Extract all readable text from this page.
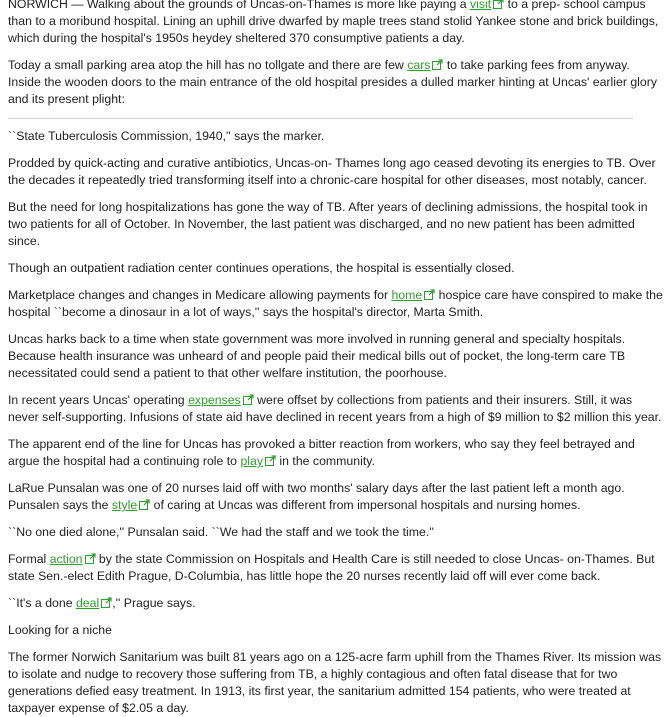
NORWICH — Walking about the grounds of Uncas-on-Thames is more like paying a visit
to a prep- school campus than to a moribund hospital. Lining an uphill drive dwarfed by maple trees stand stolid Yankee stone and brick buildings, which during the hospital's 1950s heydey sheltered 370 consumptive patients a day.

Today a small parking area atop the hill has no tollgate and there are few cars
to take parking fees from anyway. Inside the wooden doors to the main entrance of the old hospital presides a dulled marker hinting at Uncas' earlier glory and its present plight:

``State Tuberculosis Commission, 1940,'' says the marker.

Prodded by quick-acting and curative antibiotics, Uncas-on- Thames long ago ceased devoting its energies to TB. Over the decades it repeatedly tried transforming itself into a chronic-care hospital for other diseases, most notably, cancer.

But the need for long hospitalizations has gone the way of TB. After years of declining admissions, the hospital took in two patients for all of October. In November, the last patient was discharged, and no new patient has been admitted since.

Though an outpatient radiation center continues operations, the hospital is essentially closed.

Marketplace changes and changes in Medicare allowing payments for home
hospice care have conspired to make the hospital ``become a dinosaur in a lot of ways,'' says the hospital's director, Marta Smith.

Uncas harks back to a time when state government was more involved in running general and specialty hospitals. Because health insurance was unheard of and people paid their medical bills out of pocket, the long-term care TB necessitated could send a patient to that other welfare institution, the poorhouse.

In recent years Uncas' operating expenses
were offset by collections from patients and their insurers. Still, it was never self-supporting. Infusions of state aid have declined in recent years from a high of $9 million to $2 million this year.

The apparent end of the line for Uncas has provoked a bitter reaction from workers, who say they feel betrayed and argue the hospital had a continuing role to play
in the community.

LaRue Punsalan was one of 20 nurses laid off with two months' salary days after the last patient left a month ago. Punsalen says the style
of caring at Uncas was different from impersonal hospitals and nursing homes.

``No one died alone,'' Punsalan said. ``We had the staff and we took the time.''

Formal action
by the state Commission on Hospitals and Health Care is still needed to close Uncas- on-Thames. But state Sen.-elect Edith Prague, D-Columbia, has little hope the 20 nurses recently laid off will ever come back.

``It's a done deal ,'' Prague says.

Looking for a niche

The former Norwich Sanitarium was built 81 years ago on a 125-acre farm uphill from the Thames River. Its mission was to isolate and nudge to recovery those suffering from TB, a highly contagious and often fatal disease that for two generations defied easy treatment. In 1913, its first year, the sanitarium admitted 154 patients, who were treated at taxpayer expense of $2.05 a day.
